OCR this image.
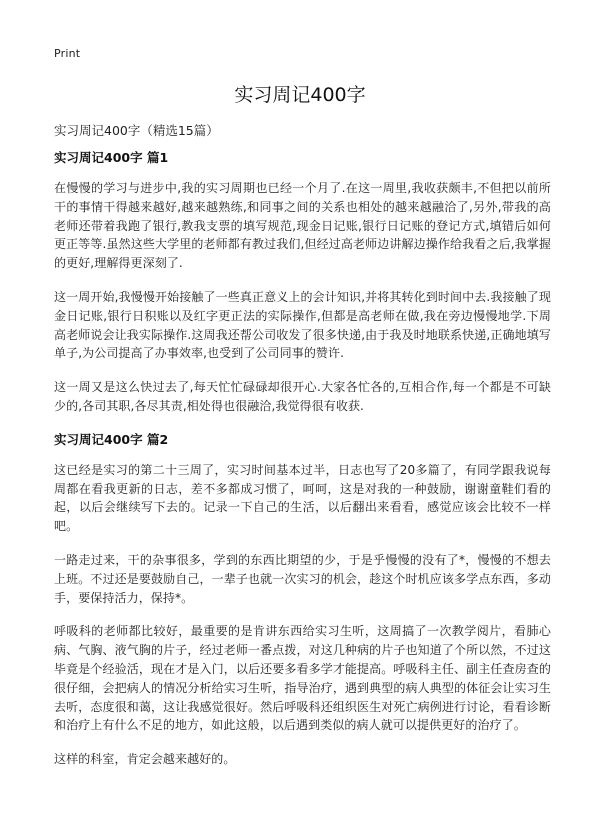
Print
实习周记400字
实习周记400字（精选15篇）
实习周记400字 篇1

在慢慢的学习与进步中,我的实习周期也已经一个月了.在这一周里,我收获颇丰,不但把以前所干的事情干得越来越好,越来越熟练,和同事之间的关系也相处的越来越融洽了,另外,带我的高老师还带着我跑了银行,教我支票的填写规范,现金日记账,银行日记账的登记方式,填错后如何更正等等.虽然这些大学里的老师都有教过我们,但经过高老师边讲解边操作给我看之后,我掌握的更好,理解得更深刻了.

这一周开始,我慢慢开始接触了一些真正意义上的会计知识,并将其转化到时间中去.我接触了现金日记账,银行日积账以及红字更正法的实际操作,但都是高老师在做,我在旁边慢慢地学.下周高老师说会让我实际操作.这周我还帮公司收发了很多快递,由于我及时地联系快递,正确地填写单子,为公司提高了办事效率,也受到了公司同事的赞许.

这一周又是这么快过去了,每天忙忙碌碌却很开心.大家各忙各的,互相合作,每一个都是不可缺少的,各司其职,各尽其责,相处得也很融洽,我觉得很有收获.

实习周记400字 篇2

这已经是实习的第二十三周了，实习时间基本过半，日志也写了20多篇了，有同学跟我说每周都在看我更新的日志，差不多都成习惯了，呵呵，这是对我的一种鼓励，谢谢童鞋们看的起，以后会继续写下去的。记录一下自己的生活，以后翻出来看看，感觉应该会比较不一样吧。

一路走过来，干的杂事很多，学到的东西比期望的少，于是乎慢慢的没有了*，慢慢的不想去上班。不过还是要鼓励自己，一辈子也就一次实习的机会，趁这个时机应该多学点东西，多动手，要保持活力，保持*。

呼吸科的老师都比较好，最重要的是肯讲东西给实习生听，这周搞了一次教学阅片，看肺心病、气胸、液气胸的片子，经过老师一番点拨，对这几种病的片子也知道了个所以然，不过这毕竟是个经验活，现在才是入门，以后还要多看多学才能提高。呼吸科主任、副主任查房查的很仔细，会把病人的情况分析给实习生听，指导治疗，遇到典型的病人典型的体征会让实习生去听，态度很和蔼，这让我感觉很好。然后呼吸科还组织医生对死亡病例进行讨论，看看诊断和治疗上有什么不足的地方，如此这般，以后遇到类似的病人就可以提供更好的治疗了。

这样的科室，肯定会越来越好的。
